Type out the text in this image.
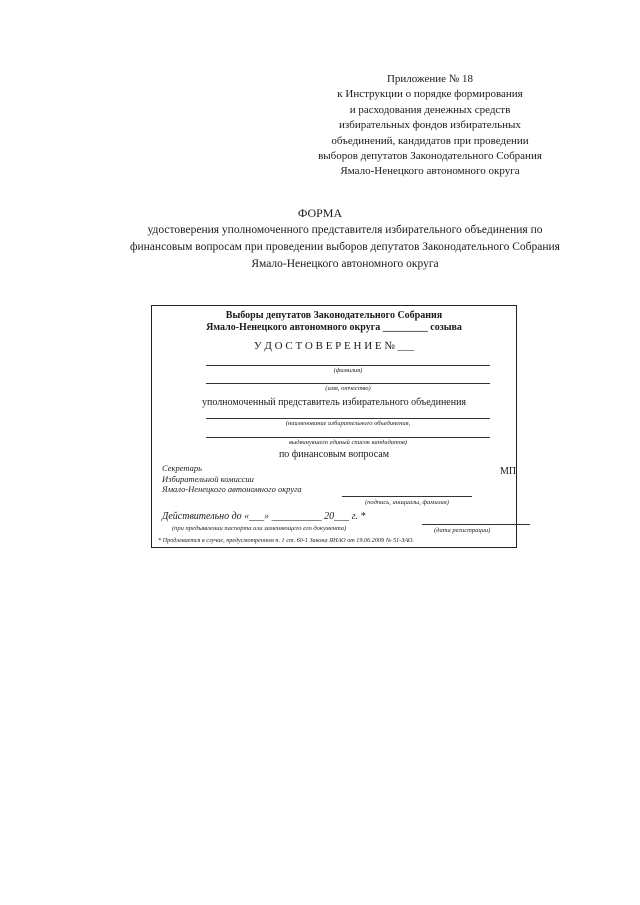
Приложение № 18
к Инструкции о порядке формирования
и расходования денежных средств
избирательных фондов избирательных
объединений, кандидатов при проведении
выборов депутатов Законодательного Собрания
Ямало-Ненецкого автономного округа
ФОРМА
удостоверения уполномоченного представителя избирательного объединения по
финансовым вопросам при проведении выборов депутатов Законодательного Собрания
Ямало-Ненецкого автономного округа
Выборы депутатов Законодательного Собрания
Ямало-Ненецкого автономного округа _________ созыва
У Д О С Т О В Е Р Е Н И Е № ___
(фамилия)
(имя, отчество)
уполномоченный представитель избирательного объединения
(наименование избирательного объединения,
выдвинувшего единый список кандидатов)
по финансовым вопросам
Секретарь
Избирательной комиссии
Ямало-Ненецкого автономного округа
МП
(подпись, инициалы, фамилия)
Действительно до «___» __________ 20___ г. *
(при предъявлении паспорта или заменяющего его документа)	(дата регистрации)
* Продлевается в случае, предусмотренном п. 1 ст. 60-1 Закона ЯНАО от 19.06.2009 № 51-ЗАО.
